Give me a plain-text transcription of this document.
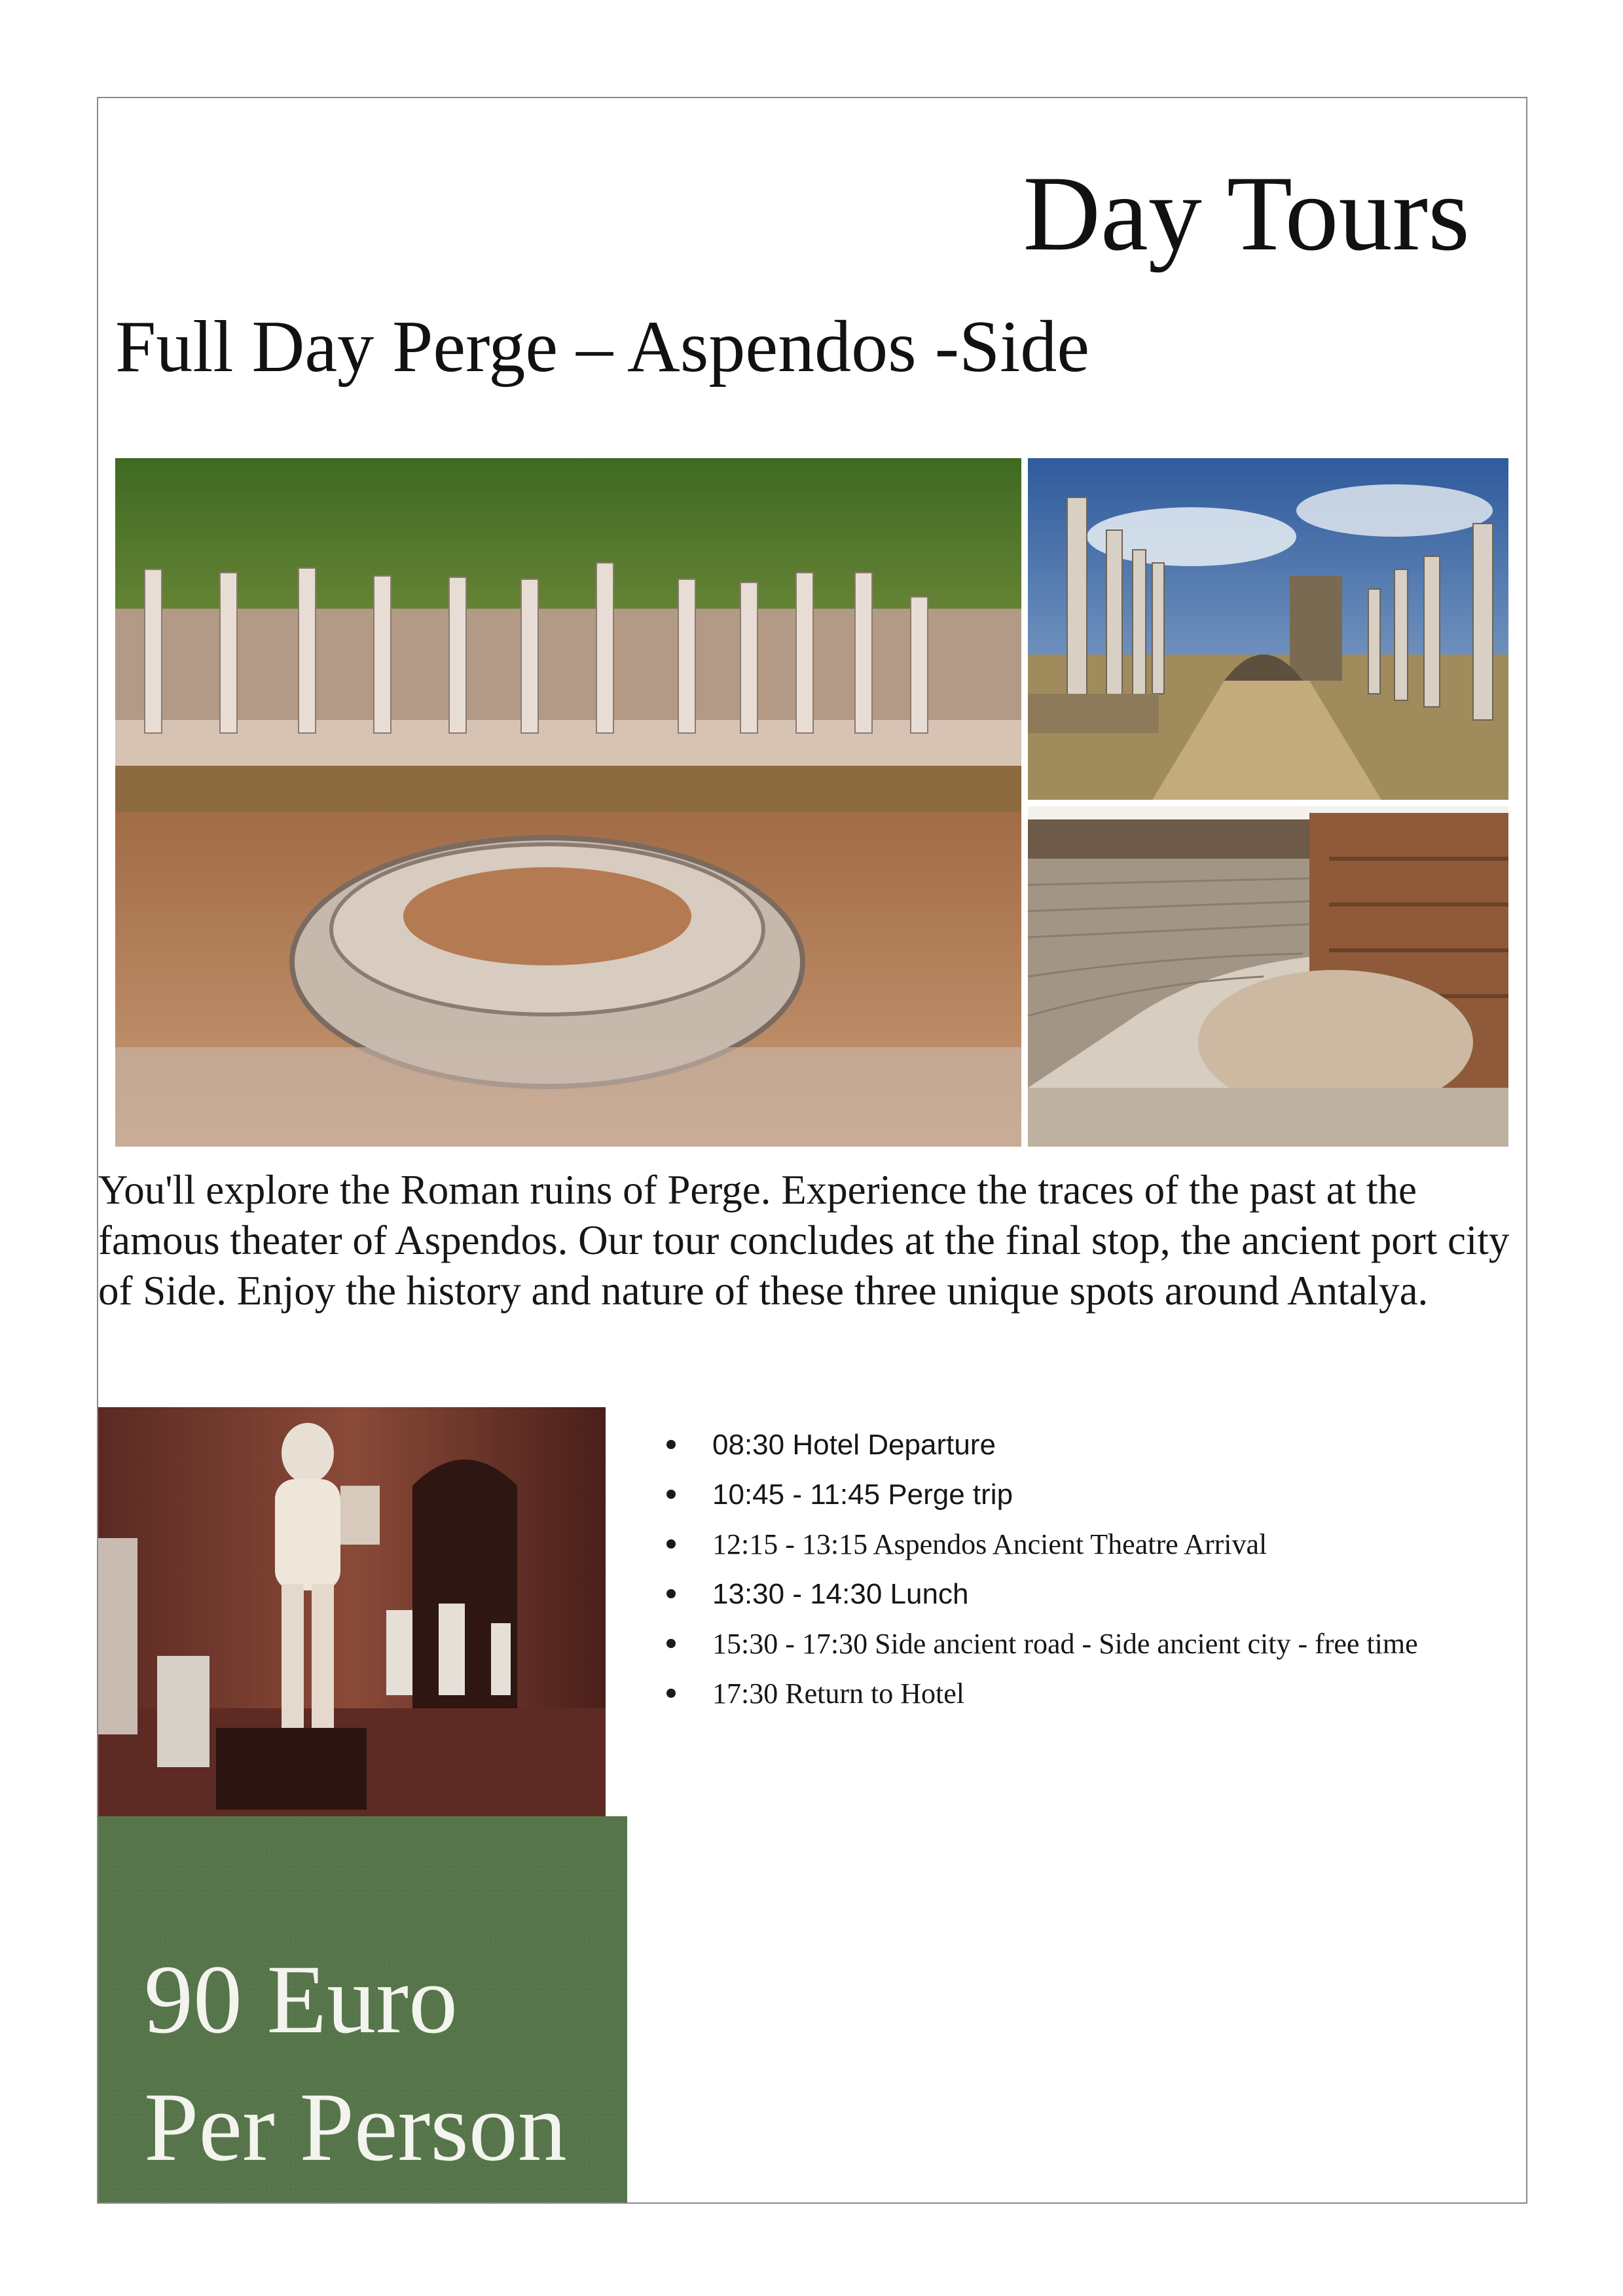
Day Tours
Full Day Perge – Aspendos -Side
You'll explore the Roman ruins of Perge. Experience the traces of the past at the famous theater of Aspendos. Our tour concludes at the final stop, the ancient port city of Side. Enjoy the history and nature of these three unique spots around Antalya.
08:30 Hotel Departure
10:45 - 11:45 Perge trip
12:15 - 13:15 Aspendos Ancient Theatre Arrival
13:30 - 14:30 Lunch
15:30 - 17:30 Side ancient road - Side ancient city - free time
17:30 Return to Hotel
90 Euro
Per Person
